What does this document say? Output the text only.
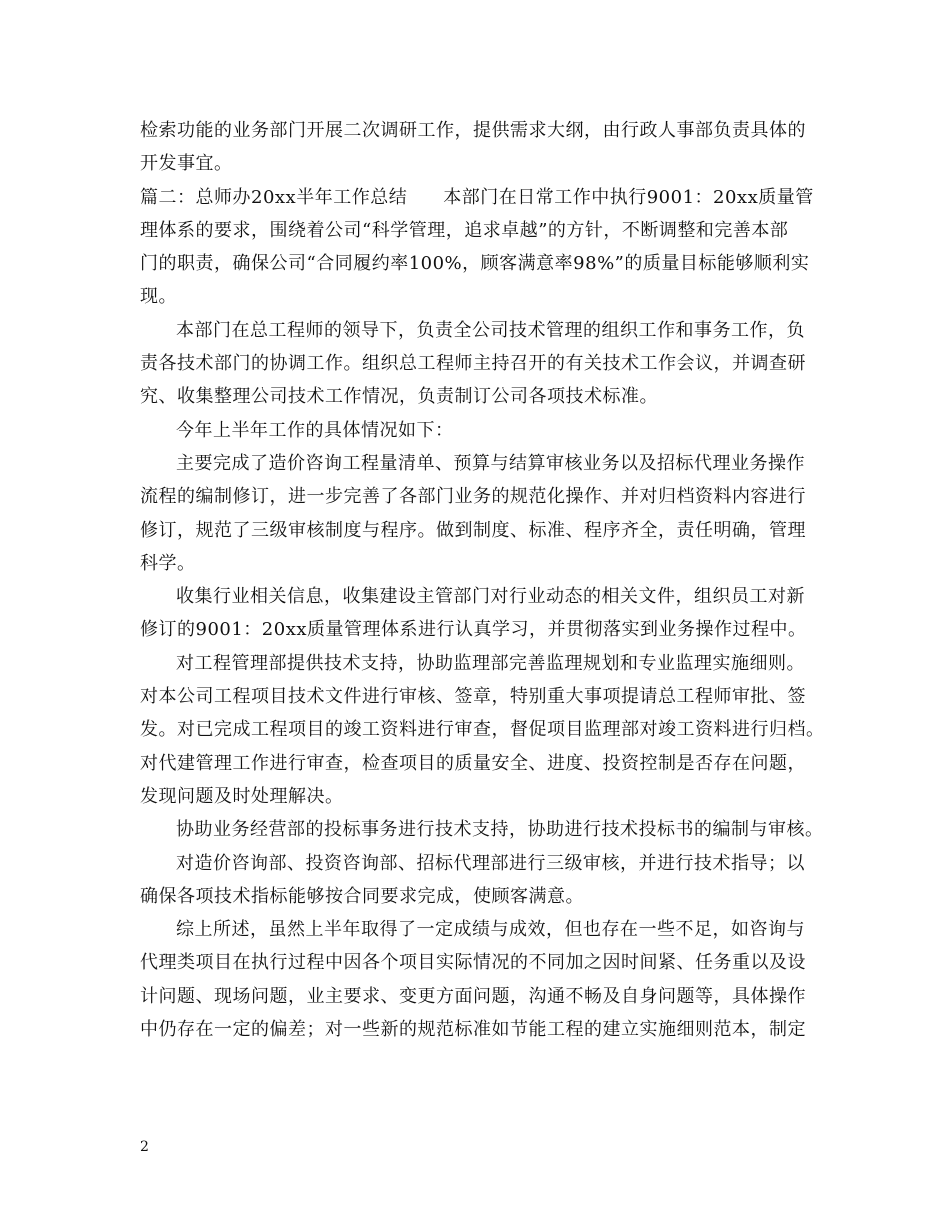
检索功能的业务部门开展二次调研工作，提供需求大纲，由行政人事部负责具体的
开发事宜。
篇二：总师办20xx半年工作总结 本部门在日常工作中执行9001：20xx质量管
理体系的要求，围绕着公司“科学管理，追求卓越”的方针，不断调整和完善本部
门的职责，确保公司“合同履约率100%，顾客满意率98%”的质量目标能够顺利实
现。
本部门在总工程师的领导下，负责全公司技术管理的组织工作和事务工作，负
责各技术部门的协调工作。组织总工程师主持召开的有关技术工作会议，并调查研
究、收集整理公司技术工作情况，负责制订公司各项技术标准。
今年上半年工作的具体情况如下：
主要完成了造价咨询工程量清单、预算与结算审核业务以及招标代理业务操作
流程的编制修订，进一步完善了各部门业务的规范化操作、并对归档资料内容进行
修订，规范了三级审核制度与程序。做到制度、标准、程序齐全，责任明确，管理
科学。
收集行业相关信息，收集建设主管部门对行业动态的相关文件，组织员工对新
修订的9001：20xx质量管理体系进行认真学习，并贯彻落实到业务操作过程中。
对工程管理部提供技术支持，协助监理部完善监理规划和专业监理实施细则。
对本公司工程项目技术文件进行审核、签章，特别重大事项提请总工程师审批、签
发。对已完成工程项目的竣工资料进行审查，督促项目监理部对竣工资料进行归档。
对代建管理工作进行审查，检查项目的质量安全、进度、投资控制是否存在问题，
发现问题及时处理解决。
协助业务经营部的投标事务进行技术支持，协助进行技术投标书的编制与审核。
对造价咨询部、投资咨询部、招标代理部进行三级审核，并进行技术指导；以
确保各项技术指标能够按合同要求完成，使顾客满意。
综上所述，虽然上半年取得了一定成绩与成效，但也存在一些不足，如咨询与
代理类项目在执行过程中因各个项目实际情况的不同加之因时间紧、任务重以及设
计问题、现场问题，业主要求、变更方面问题，沟通不畅及自身问题等，具体操作
中仍存在一定的偏差；对一些新的规范标准如节能工程的建立实施细则范本，制定
2
